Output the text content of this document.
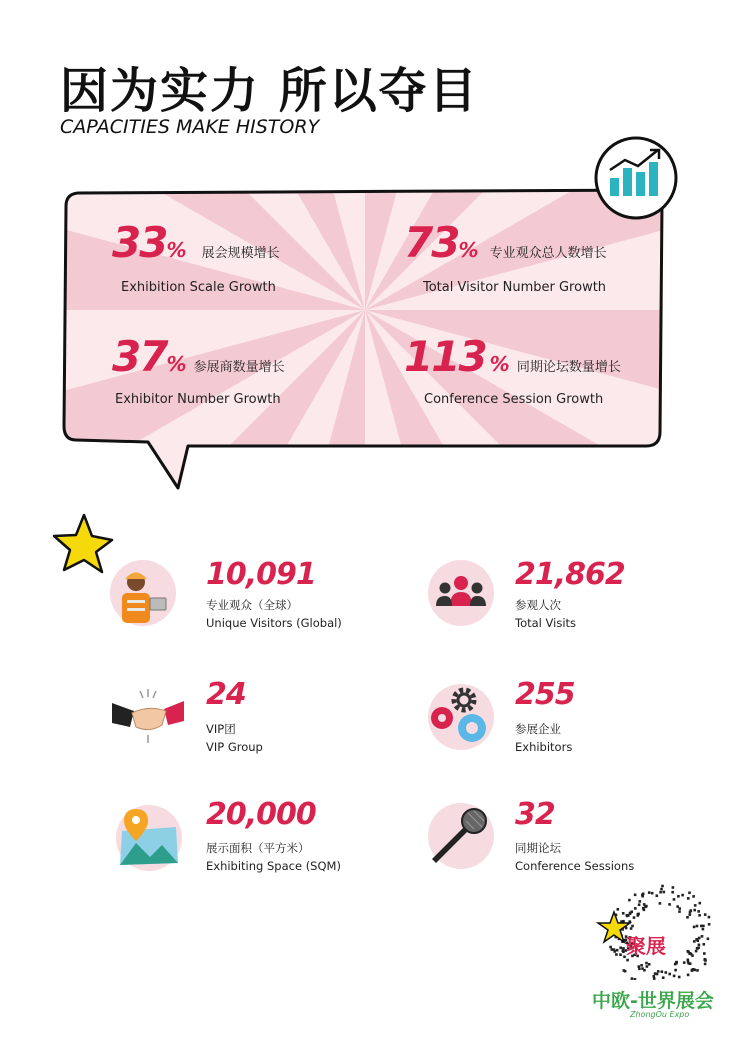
因为实力 所以夺目
CAPACITIES MAKE HISTORY
33% 展会规模增长
Exhibition Scale Growth
73% 专业观众总人数增长
Total Visitor Number Growth
37% 参展商数量增长
Exhibitor Number Growth
113 % 同期论坛数量增长
Conference Session Growth
10,091
专业观众（全球）
Unique Visitors (Global)
21,862
参观人次
Total Visits
24
VIP团
VIP Group
255
参展企业
Exhibitors
20,000
展示面积（平方米）
Exhibiting Space (SQM)
32
同期论坛
Conference Sessions
聚展
中欧-世界展会
ZhongOu Expo
